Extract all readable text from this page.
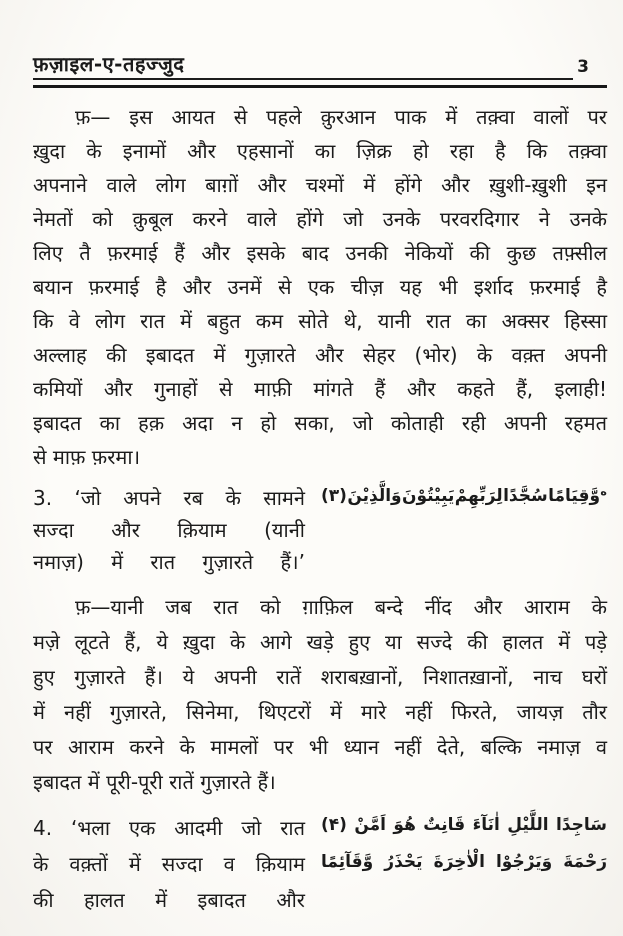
फ़ज़ाइल-ए-तहज्जुद	3
फ़— इस आयत से पहले क़ुरआन पाक में तक़्वा वालों पर
ख़ुदा के इनामों और एहसानों का ज़िक्र हो रहा है कि तक़्वा
अपनाने वाले लोग बाग़ों और चश्मों में होंगे और ख़ुशी-ख़ुशी इन
नेमतों को क़ुबूल करने वाले होंगे जो उनके परवरदिगार ने उनके
लिए तै फ़रमाई हैं और इसके बाद उनकी नेकियों की कुछ तफ़्सील
बयान फ़रमाई है और उनमें से एक चीज़ यह भी इर्शाद फ़रमाई है
कि वे लोग रात में बहुत कम सोते थे, यानी रात का अक्सर हिस्सा
अल्लाह की इबादत में गुज़ारते और सेहर (भोर) के वक़्त अपनी
कमियों और गुनाहों से माफ़ी मांगते हैं और कहते हैं, इलाही!
इबादत का हक़ अदा न हो सका, जो कोताही रही अपनी रहमत
से माफ़ फ़रमा।
3. ‘जो अपने रब के सामने
सज्दा और क़ियाम (यानी
नमाज़) में रात गुज़ारते हैं।’
(۳) وَالَّذِيْنَ يَبِيْتُوْنَ لِرَبِّهِمْ سُجَّدًا وَّقِيَامًا ه
फ़—यानी जब रात को ग़ाफ़िल बन्दे नींद और आराम के
मज़े लूटते हैं, ये ख़ुदा के आगे खड़े हुए या सज्दे की हालत में पड़े
हुए गुज़ारते हैं। ये अपनी रातें शराबख़ानों, निशातख़ानों, नाच घरों
में नहीं गुज़ारते, सिनेमा, थिएटरों में मारे नहीं फिरते, जायज़ तौर
पर आराम करने के मामलों पर भी ध्यान नहीं देते, बल्कि नमाज़ व
इबादत में पूरी-पूरी रातें गुज़ारते हैं।
4. ‘भला एक आदमी जो रात
के वक़्तों में सज्दा व क़ियाम
की हालत में इबादत और
(۴) اَمَّنْ هُوَ قَانِتٌ اٰنَآءَ اللَّيْلِ سَاجِدًا
وَّقَآئِمًا يَحْذَرُ الْاٰخِرَةَ وَيَرْجُوْا رَحْمَةَ
